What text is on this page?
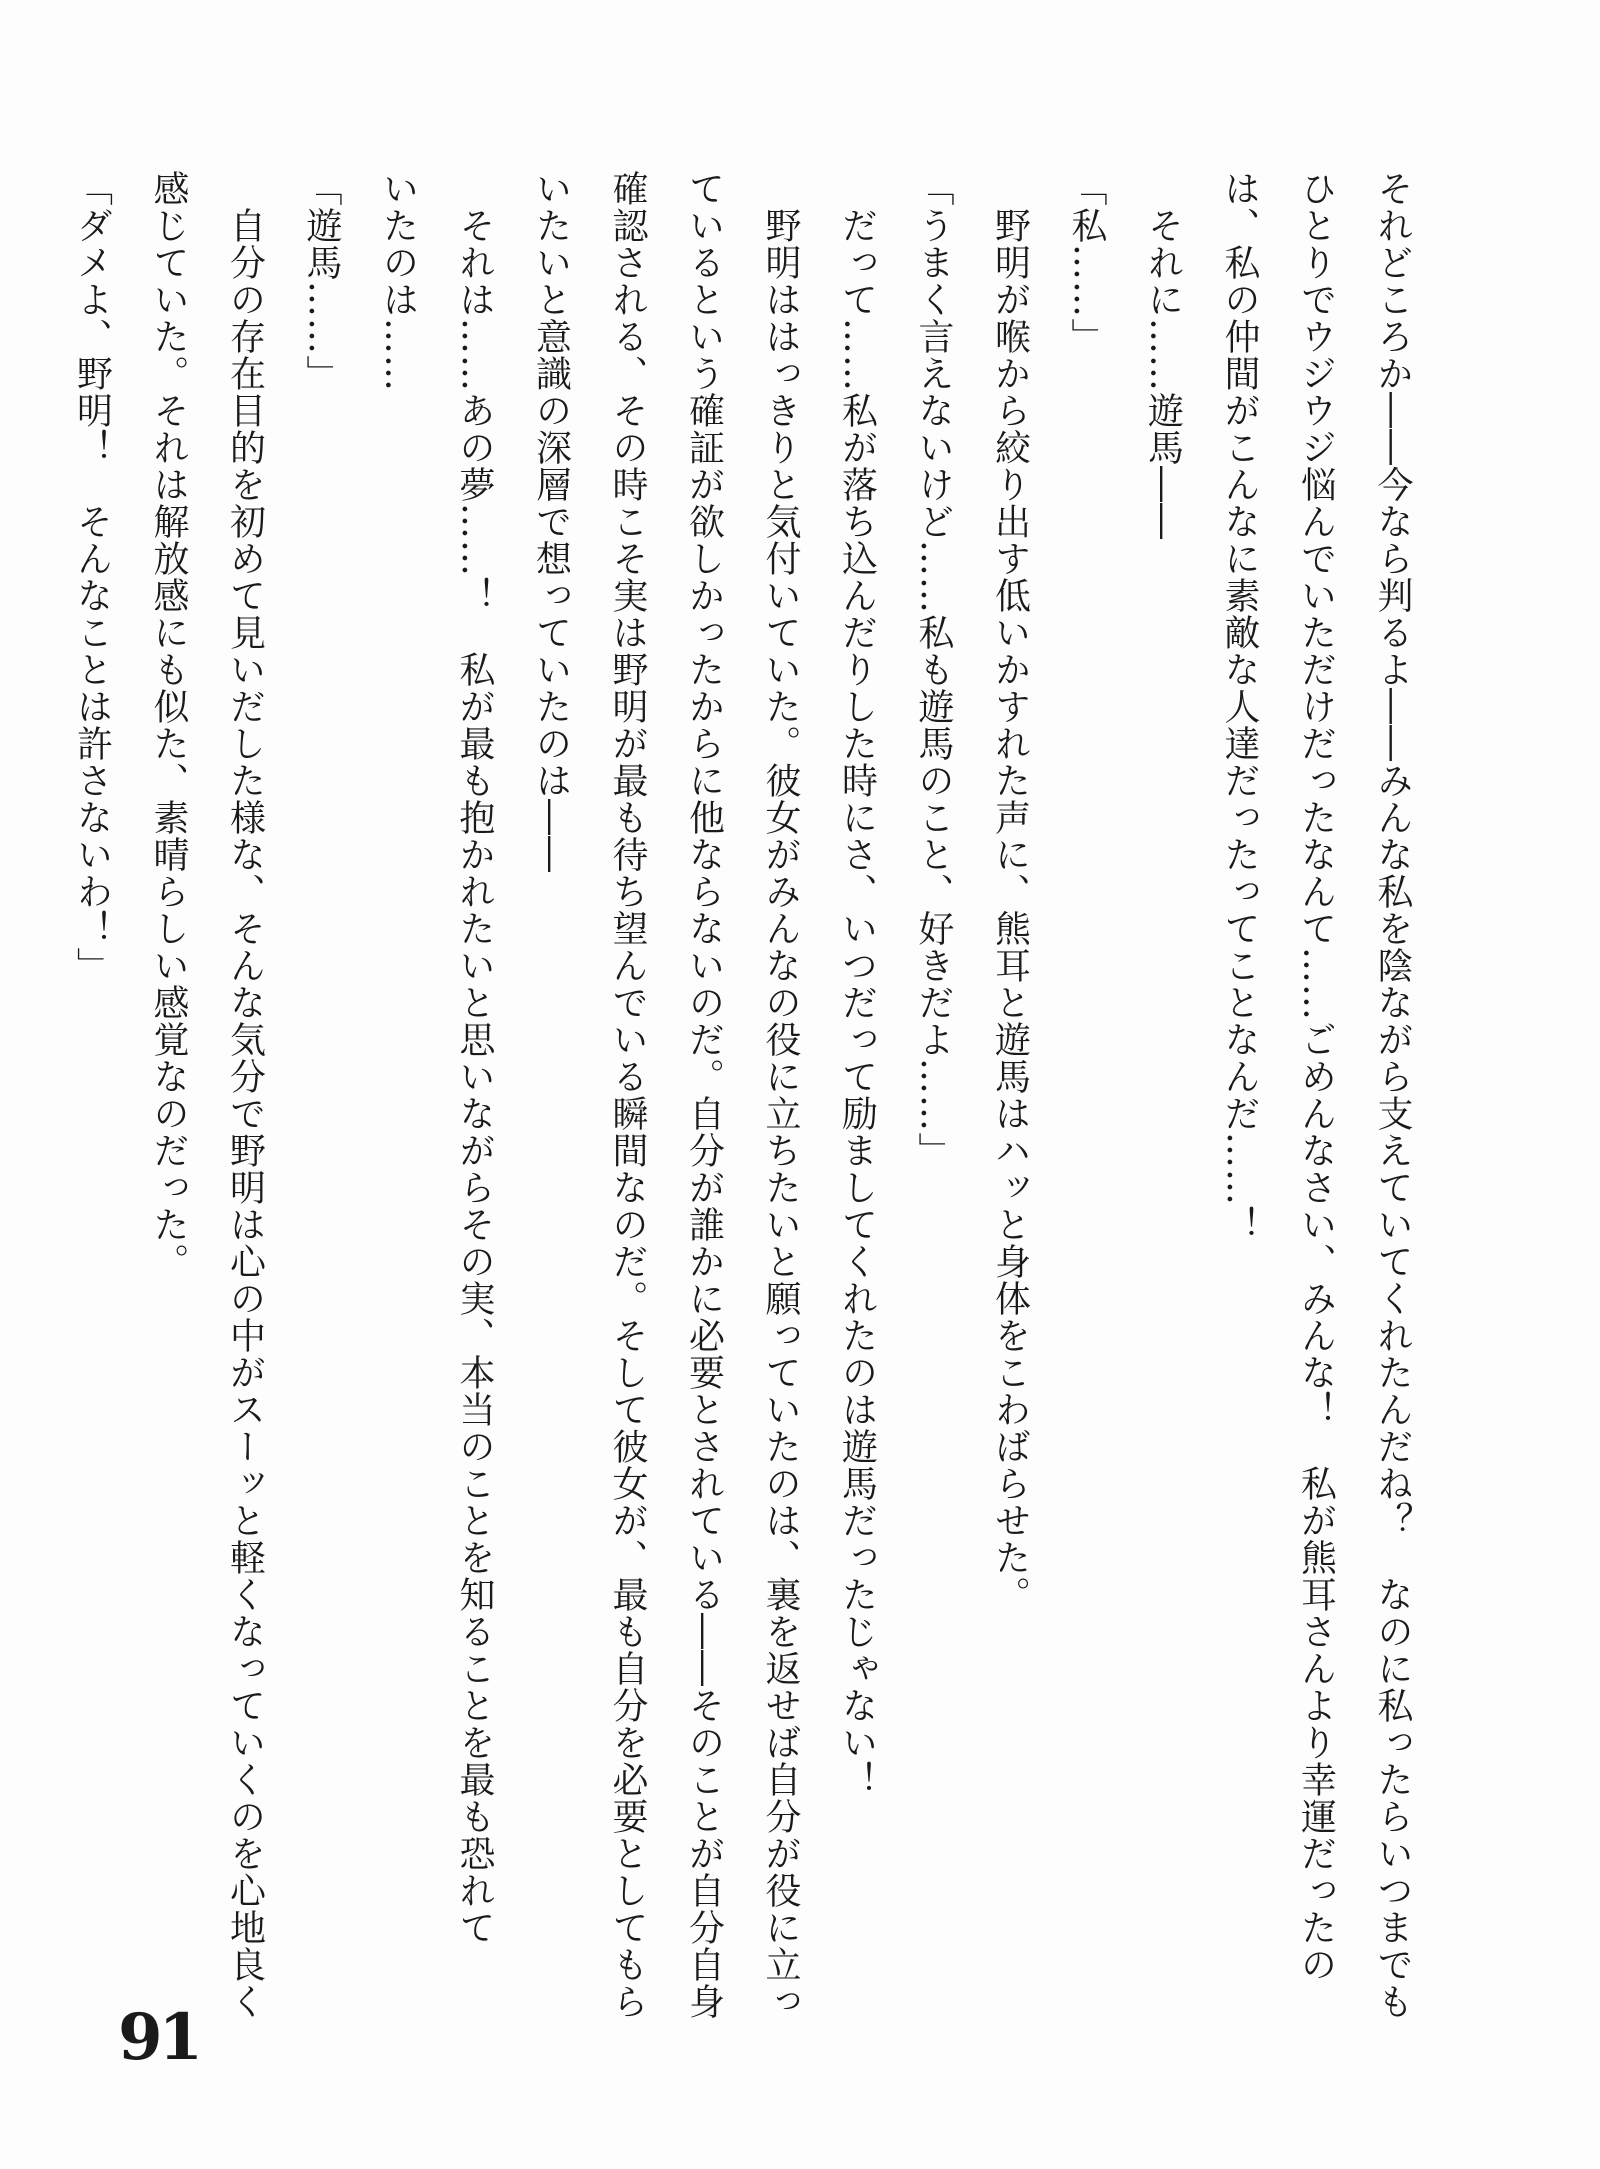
それどころか――今なら判るよ――みんな私を陰ながら支えていてくれたんだね？　なのに私ったらいつまでも
ひとりでウジウジ悩んでいただけだったなんて……ごめんなさい、みんな！　私が熊耳さんより幸運だったの
は、私の仲間がこんなに素敵な人達だったってことなんだ……！
　それに……遊馬――
「私……」
　野明が喉から絞り出す低いかすれた声に、熊耳と遊馬はハッと身体をこわばらせた。
「うまく言えないけど……私も遊馬のこと、好きだよ……」
　だって……私が落ち込んだりした時にさ、いつだって励ましてくれたのは遊馬だったじゃない！
　野明ははっきりと気付いていた。彼女がみんなの役に立ちたいと願っていたのは、裏を返せば自分が役に立っ
ているという確証が欲しかったからに他ならないのだ。自分が誰かに必要とされている――そのことが自分自身
確認される、その時こそ実は野明が最も待ち望んでいる瞬間なのだ。そして彼女が、最も自分を必要としてもら
いたいと意識の深層で想っていたのは――
　それは……あの夢……！　私が最も抱かれたいと思いながらその実、本当のことを知ることを最も恐れて
いたのは……
「遊馬……」
　自分の存在目的を初めて見いだした様な、そんな気分で野明は心の中がスーッと軽くなっていくのを心地良く
感じていた。それは解放感にも似た、素晴らしい感覚なのだった。
「ダメよ、野明！　そんなことは許さないわ！」
91
